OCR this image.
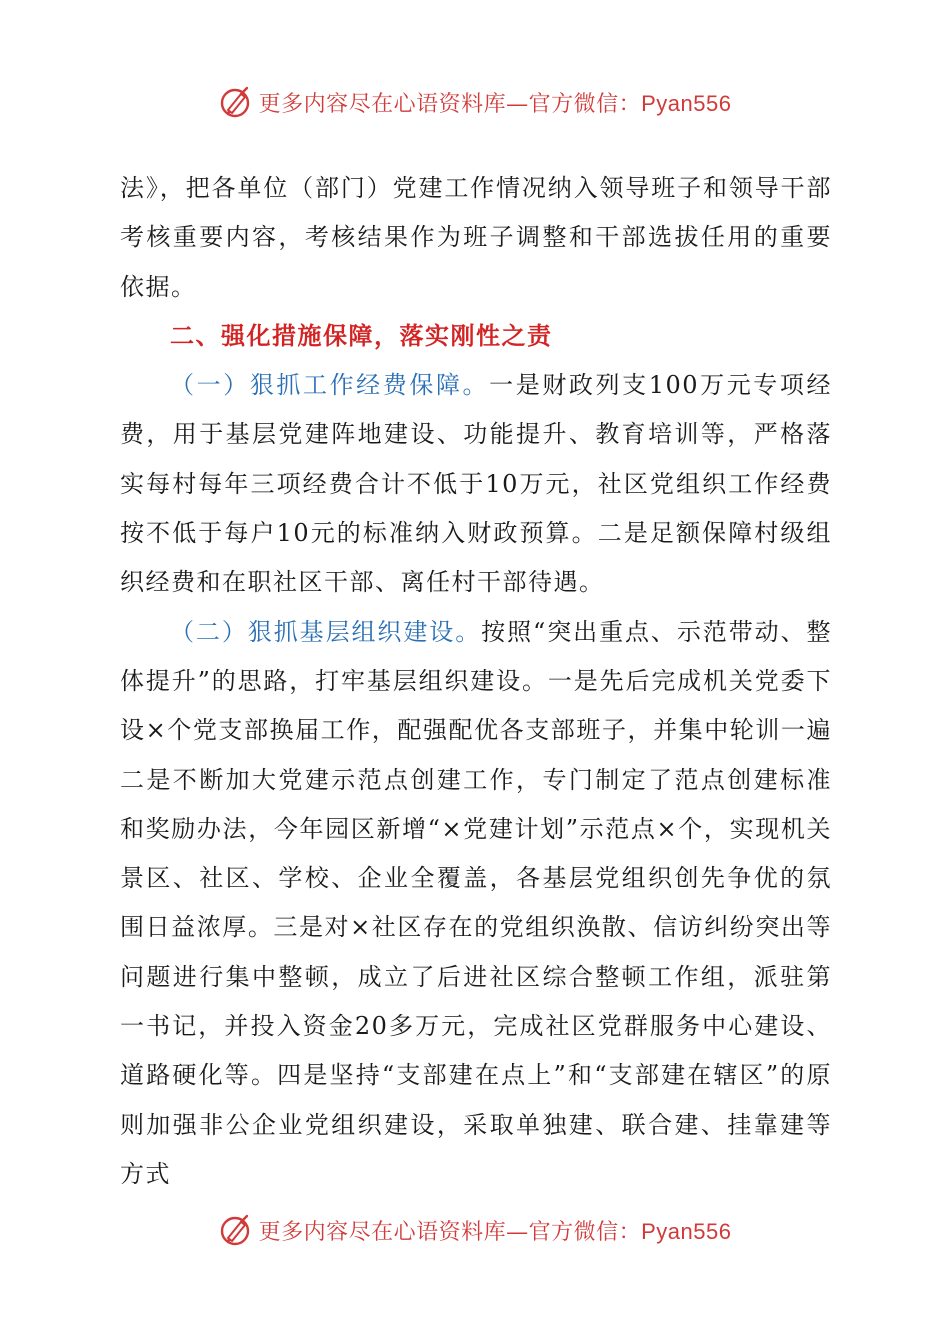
更多内容尽在心语资料库—官方微信：Pyan556

法》，把各单位（部门）党建工作情况纳入领导班子和领导干部考核重要内容，考核结果作为班子调整和干部选拔任用的重要依据。

二、强化措施保障，落实刚性之责

（一）狠抓工作经费保障。一是财政列支100万元专项经费，用于基层党建阵地建设、功能提升、教育培训等，严格落实每村每年三项经费合计不低于10万元，社区党组织工作经费按不低于每户10元的标准纳入财政预算。二是足额保障村级组织经费和在职社区干部、离任村干部待遇。

（二）狠抓基层组织建设。按照“突出重点、示范带动、整体提升”的思路，打牢基层组织建设。一是先后完成机关党委下设×个党支部换届工作，配强配优各支部班子，并集中轮训一遍二是不断加大党建示范点创建工作，专门制定了范点创建标准和奖励办法，今年园区新增“×党建计划”示范点×个，实现机关景区、社区、学校、企业全覆盖，各基层党组织创先争优的氛围日益浓厚。三是对×社区存在的党组织涣散、信访纠纷突出等问题进行集中整顿，成立了后进社区综合整顿工作组，派驻第一书记，并投入资金20多万元，完成社区党群服务中心建设、道路硬化等。四是坚持“支部建在点上”和“支部建在辖区”的原则加强非公企业党组织建设，采取单独建、联合建、挂靠建等方式

更多内容尽在心语资料库—官方微信：Pyan556
